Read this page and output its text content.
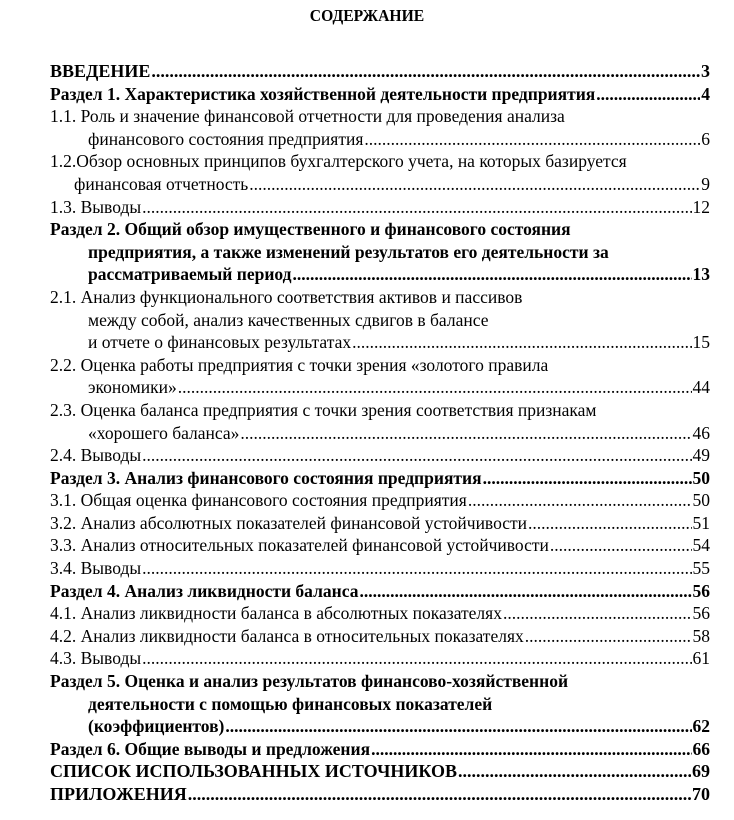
СОДЕРЖАНИЕ
ВВЕДЕНИЕ .....	3
Раздел 1. Характеристика хозяйственной деятельности предприятия .....	4
1.1. Роль и значение финансовой отчетности для проведения анализа
финансового состояния предприятия .....	6
1.2.Обзор основных принципов бухгалтерского учета, на которых базируется
финансовая отчетность .....	9
1.3. Выводы .....	12
Раздел 2. Общий обзор имущественного и финансового состояния
предприятия, а также изменений результатов его деятельности за
рассматриваемый период .....	13
2.1. Анализ функционального соответствия активов и пассивов
между собой, анализ качественных сдвигов в балансе
и отчете о финансовых результатах .....	15
2.2. Оценка работы предприятия с точки зрения «золотого правила
экономики» .....	44
2.3. Оценка баланса предприятия с точки зрения соответствия признакам
«хорошего баланса» .....	46
2.4. Выводы .....	49
Раздел 3. Анализ финансового состояния предприятия .....	50
3.1. Общая оценка финансового состояния предприятия .....	50
3.2. Анализ абсолютных показателей финансовой устойчивости .....	51
3.3. Анализ относительных показателей финансовой устойчивости .....	54
3.4. Выводы .....	55
Раздел 4. Анализ ликвидности баланса .....	56
4.1. Анализ ликвидности баланса в абсолютных показателях .....	56
4.2. Анализ ликвидности баланса в относительных показателях .....	58
4.3. Выводы .....	61
Раздел 5. Оценка и анализ результатов финансово-хозяйственной
деятельности с помощью финансовых показателей
(коэффициентов) .....	62
Раздел 6. Общие выводы и предложения .....	66
СПИСОК ИСПОЛЬЗОВАННЫХ ИСТОЧНИКОВ .....	69
ПРИЛОЖЕНИЯ .....	70
